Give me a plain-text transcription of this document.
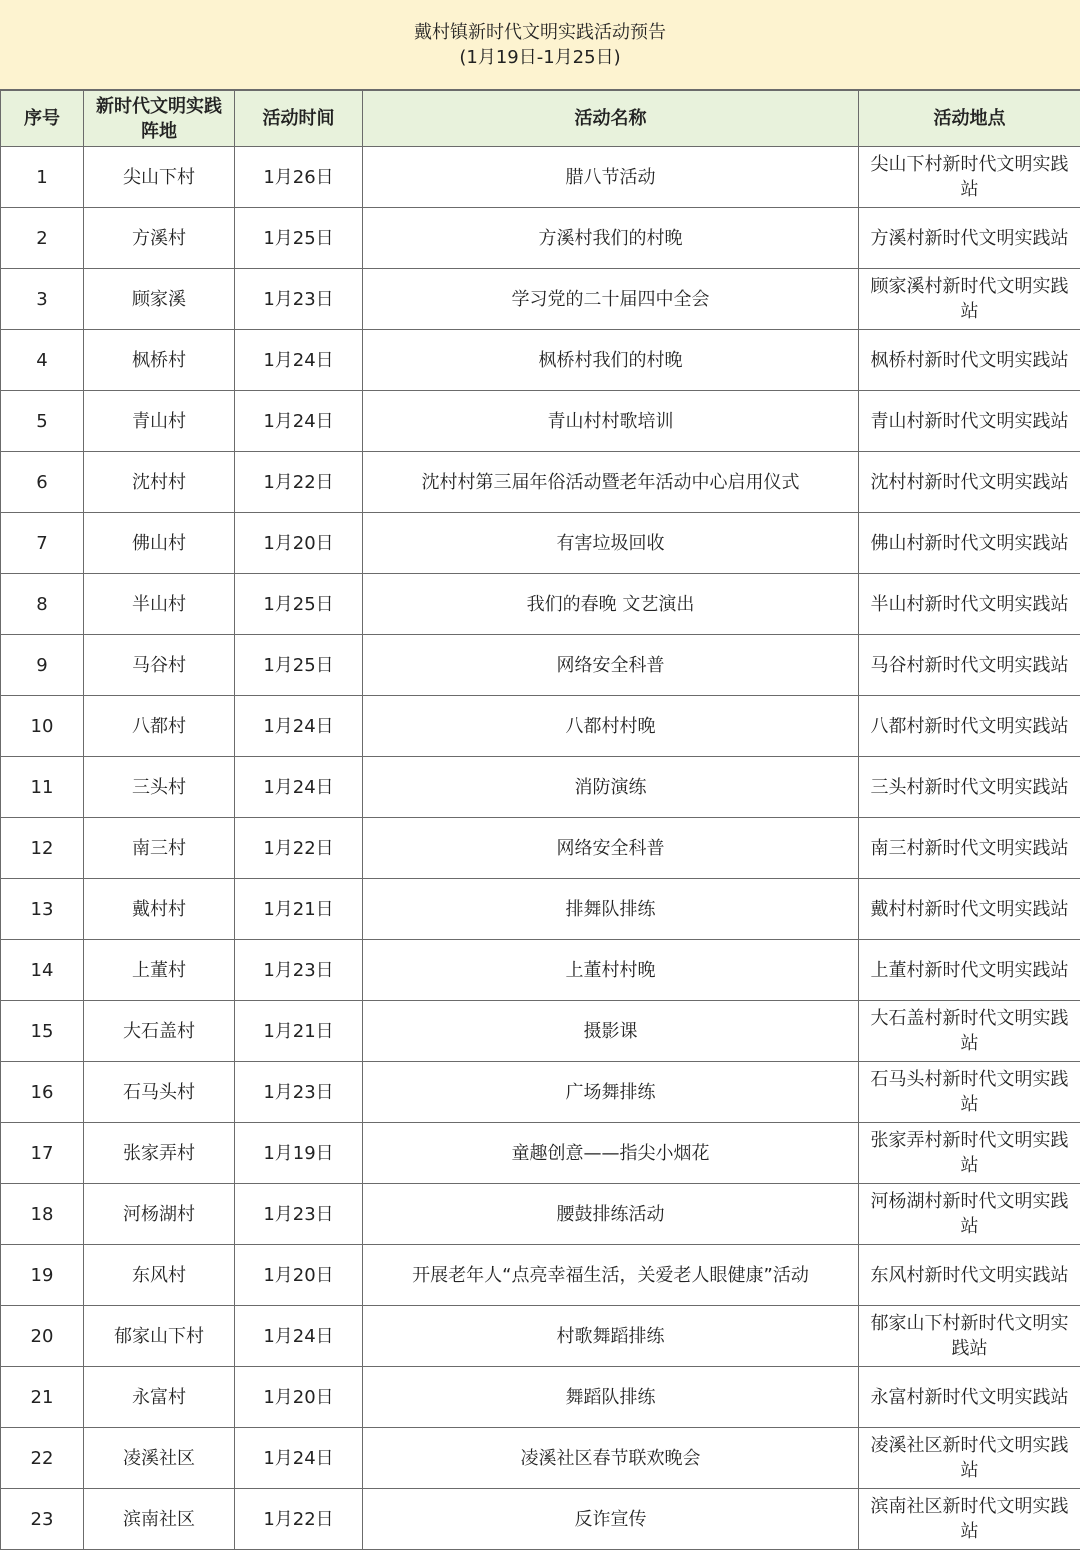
戴村镇新时代文明实践活动预告
(1月19日-1月25日)
序号	新时代文明实践阵地	活动时间	活动名称	活动地点
1	尖山下村	1月26日	腊八节活动	尖山下村新时代文明实践站
2	方溪村	1月25日	方溪村我们的村晚	方溪村新时代文明实践站
3	顾家溪	1月23日	学习党的二十届四中全会	顾家溪村新时代文明实践站
4	枫桥村	1月24日	枫桥村我们的村晚	枫桥村新时代文明实践站
5	青山村	1月24日	青山村村歌培训	青山村新时代文明实践站
6	沈村村	1月22日	沈村村第三届年俗活动暨老年活动中心启用仪式	沈村村新时代文明实践站
7	佛山村	1月20日	有害垃圾回收	佛山村新时代文明实践站
8	半山村	1月25日	我们的春晚 文艺演出	半山村新时代文明实践站
9	马谷村	1月25日	网络安全科普	马谷村新时代文明实践站
10	八都村	1月24日	八都村村晚	八都村新时代文明实践站
11	三头村	1月24日	消防演练	三头村新时代文明实践站
12	南三村	1月22日	网络安全科普	南三村新时代文明实践站
13	戴村村	1月21日	排舞队排练	戴村村新时代文明实践站
14	上董村	1月23日	上董村村晚	上董村新时代文明实践站
15	大石盖村	1月21日	摄影课	大石盖村新时代文明实践站
16	石马头村	1月23日	广场舞排练	石马头村新时代文明实践站
17	张家弄村	1月19日	童趣创意——指尖小烟花	张家弄村新时代文明实践站
18	河杨湖村	1月23日	腰鼓排练活动	河杨湖村新时代文明实践站
19	东风村	1月20日	开展老年人“点亮幸福生活，关爱老人眼健康”活动	东风村新时代文明实践站
20	郁家山下村	1月24日	村歌舞蹈排练	郁家山下村新时代文明实践站
21	永富村	1月20日	舞蹈队排练	永富村新时代文明实践站
22	凌溪社区	1月24日	凌溪社区春节联欢晚会	凌溪社区新时代文明实践站
23	滨南社区	1月22日	反诈宣传	滨南社区新时代文明实践站
